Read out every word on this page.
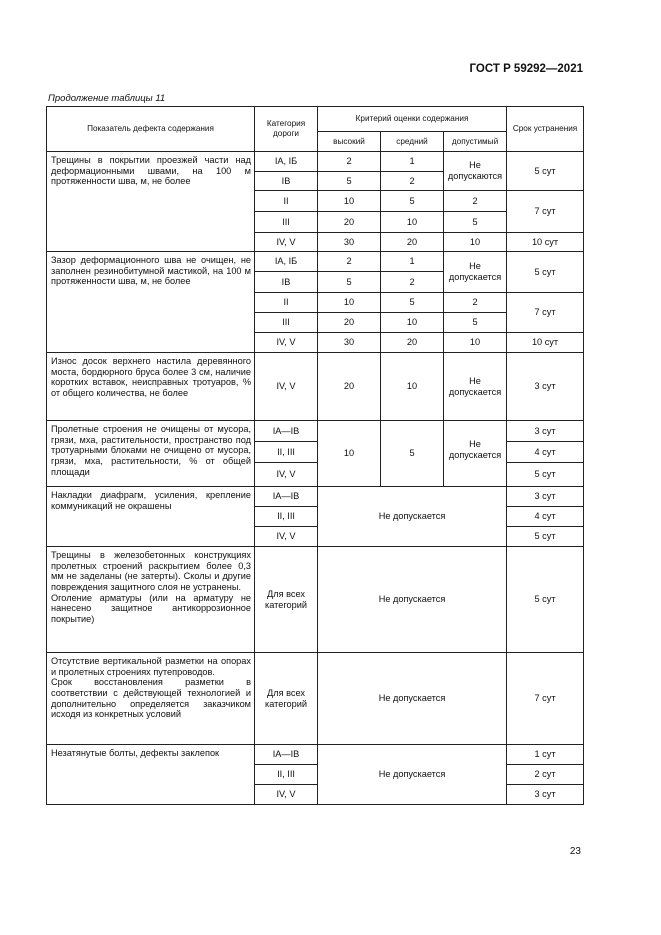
ГОСТ Р 59292—2021
Продолжение таблицы 11
Показатель дефекта содержания	Категория дороги	Критерий оценки содержания			Срок устранения
		высокий	средний	допустимый	

Трещины в покрытии проезжей части над деформационными швами, на 100 м протяженности шва, м, не более	IA, IБ	2	1	Не допускаются	5 сут
	IB	5	2		
	II	10	5	2	7 сут
	III	20	10	5	
	IV, V	30	20	10	10 сут

Зазор деформационного шва не очищен, не заполнен резинобитумной мастикой, на 100 м протяженности шва, м, не более	IA, IБ	2	1	Не допускается	5 сут
	IB	5	2		
	II	10	5	2	7 сут
	III	20	10	5	
	IV, V	30	20	10	10 сут

Износ досок верхнего настила деревянного моста, бордюрного бруса более 3 см, наличие коротких вставок, неисправных тротуаров, % от общего количества, не более	IV, V	20	10	Не допускается	3 сут

Пролетные строения не очищены от мусора, грязи, мха, растительности, пространство под тротуарными блоками не очищено от мусора, грязи, мха, растительности, % от общей площади	IA—IB	10	5	Не допускается	3 сут
	II, III				4 сут
	IV, V				5 сут

Накладки диафрагм, усиления, крепление коммуникаций не окрашены	IA—IB	Не допускается			3 сут
	II, III				4 сут
	IV, V				5 сут

Трещины в железобетонных конструкциях пролетных строений раскрытием более 0,3 мм не заделаны (не затерты). Сколы и другие повреждения защитного слоя не устранены.
Оголение арматуры (или на арматуру не нанесено защитное антикоррозионное покрытие)	Для всех категорий	Не допускается			5 сут

Отсутствие вертикальной разметки на опорах и пролетных строениях путепроводов.
Срок восстановления разметки в соответствии с действующей технологией и дополнительно определяется заказчиком исходя из конкретных условий	Для всех категорий	Не допускается			7 сут

Незатянутые болты, дефекты заклепок	IA—IB	Не допускается			1 сут
	II, III				2 сут
	IV, V				3 сут
23
